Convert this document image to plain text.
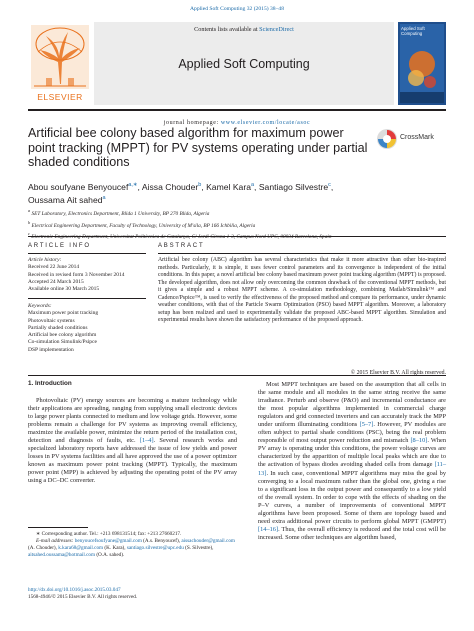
Applied Soft Computing 32 (2015) 38–48
ELSEVIER
Contents lists available at ScienceDirect
Applied Soft Computing
Applied Soft Computing
journal homepage: www.elsevier.com/locate/asoc
Artificial bee colony based algorithm for maximum power point tracking (MPPT) for PV systems operating under partial shaded conditions
CrossMark
Abou soufyane Benyoucef$^{a,∗}$, Aissa Chouder$^b$, Kamel Kara$^a$, Santiago Silvestre$^c$,
Oussama Ait sahed$^a$
$^a$ SET Laboratory, Electronics Department, Blida 1 University, BP 270 Blida, Algeria
$^b$ Electrical Engineering Department, Faculty of Technology, University of M'sila, BP 166 Ichbilia, Algeria
$^c$ Electronic Engineering Department, Universitat Politècnica de Catalunya, C/ Jordi Girona 1-3, Campus Nord UPC, 08034 Barcelona, Spain
ARTICLE INFO	ABSTRACT
Article history:
Received 22 June 2014
Received in revised form 3 November 2014
Accepted 24 March 2015
Available online 30 March 2015
Keywords:
Maximum power point tracking
Photovoltaic systems
Partially shaded conditions
Artificial bee colony algorithm
Co-simulation Simulink/Psipce
DSP implementation
Artificial bee colony (ABC) algorithm has several characteristics that make it more attractive than other bio-inspired methods. Particularly, it is simple, it uses fewer control parameters and its convergence is independent of the initial conditions. In this paper, a novel artificial bee colony based maximum power point tracking algorithm (MPPT) is proposed. The developed algorithm, does not allow only overcoming the common drawback of the conventional MPPT methods, but it gives a simple and a robust MPPT scheme. A co-simulation methodology, combining Matlab/Simulink™ and Cadence/Pspice™, is used to verify the effectiveness of the proposed method and compare its performance, under dynamic weather conditions, with that of the Particle Swarm Optimization (PSO) based MPPT algorithm. Moreover, a laboratory setup has been realized and used to experimentally validate the proposed ABC-based MPPT algorithm. Simulation and experimental results have shown the satisfactory performance of the proposed approach.
© 2015 Elsevier B.V. All rights reserved.
1. Introduction
Photovoltaic (PV) energy sources are becoming a mature technology while their applications are spreading, ranging from supplying small electronic devices to large power plants connected to medium and low voltage grids. However, some problems remain a challenge for PV systems as improving overall efficiency, maximize the available power, minimize the return period of the installation cost, detection and diagnosis of faults, etc. [1–4]. Several research works and specialized laboratory reports have addressed the issue of low yields and power losses in PV systems facilities and all have approved the use of a power optimizer known as maximum power point tracking (MPPT). Typically, the maximum power point (MPP) is achieved by adjusting the operating point of the PV array using a DC–DC converter.
Most MPPT techniques are based on the assumption that all cells in the same module and all modules in the same string receive the same irradiance. Perturb and observe (P&O) and incremental conductance are the most popular algorithms implemented in commercial charge regulators and grid connected inverters and can accurately track the MPP under uniform illuminating conditions [5–7]. However, PV modules are often subject to partial shade conditions (PSC), being the real problem responsible of most output power reduction and mismatch [8–10]. When PV array is operating under this conditions, the power voltage curves are characterized by the apparition of multiple local peaks which are due to the activation of bypass diodes avoiding shaded cells from damage [11–13]. In such case, conventional MPPT algorithms may miss the goal by converging to a local maximum rather than the global one, giving a rise to a significant loss in the output power and consequently to a low yield of the overall system. In order to cope with the effects of shading on the P–V curves, a number of improvements of conventional MPPT algorithms have been proposed. Some of them are topology based and need extra additional power circuits to perform global MPPT (GMPPT) [14–16]. Thus, the overall efficiency is reduced and the total cost will be increased. Some other techniques are algorithm based,
∗ Corresponding author. Tel.: +213 698131514; fax: +213 27660217.
E-mail addresses: benyoucefsoufyane@gmail.com (A.s. Benyoucef), aissachouder@gmail.com (A. Chouder), k.kara68@gmail.com (K. Kara), santiago.silvestre@upc.edu (S. Silvestre), aitsahed.oussama@hotmail.com (O.A. sahed).
http://dx.doi.org/10.1016/j.asoc.2015.03.047
1568-4946/© 2015 Elsevier B.V. All rights reserved.
